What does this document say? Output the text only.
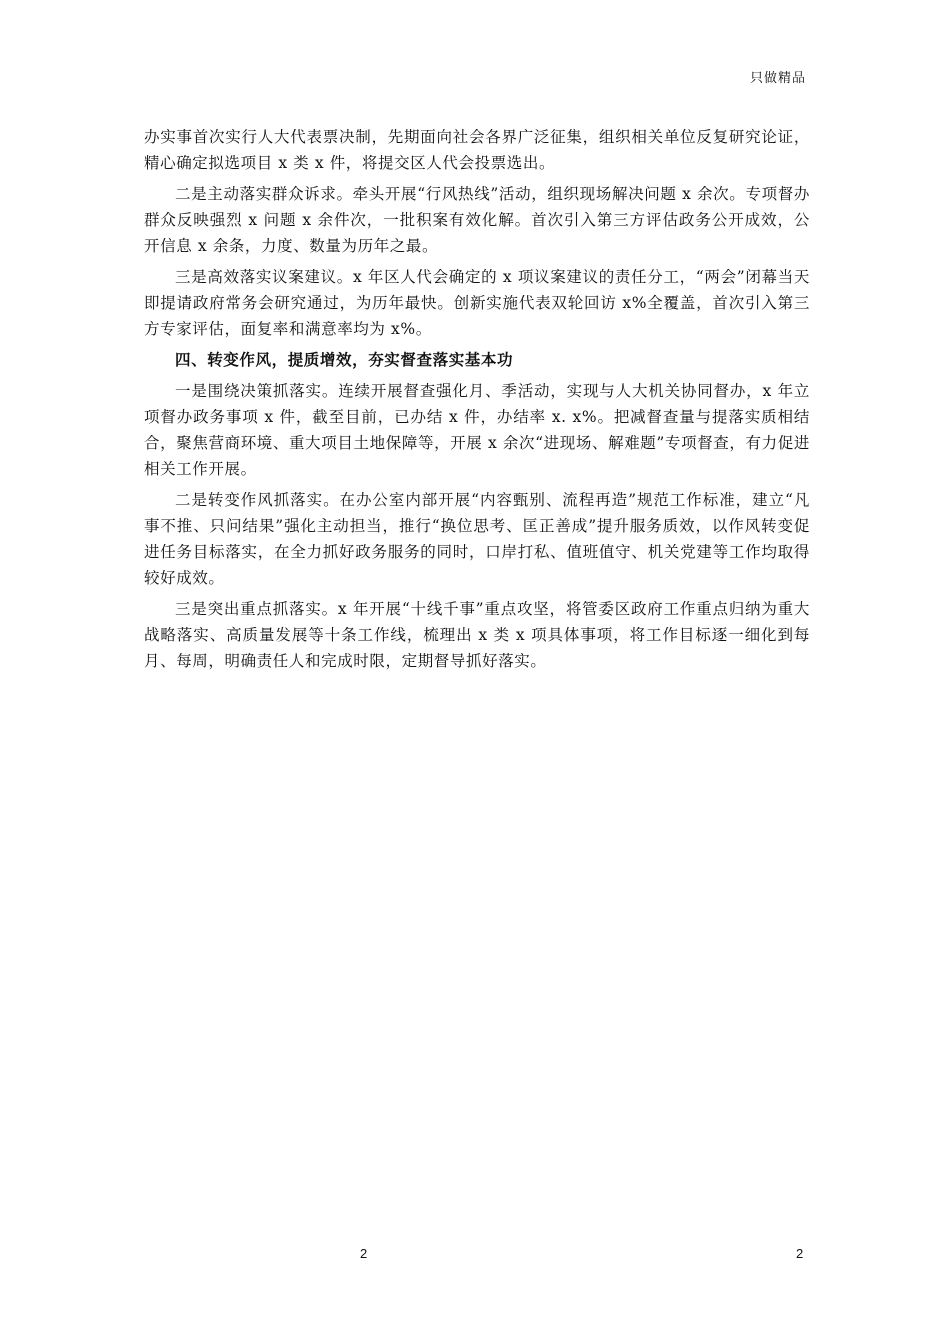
只做精品

办实事首次实行人大代表票决制，先期面向社会各界广泛征集，组织相关单位反复研究论证，精心确定拟选项目 x 类 x 件，将提交区人代会投票选出。

二是主动落实群众诉求。牵头开展“行风热线”活动，组织现场解决问题 x 余次。专项督办群众反映强烈 x 问题 x 余件次，一批积案有效化解。首次引入第三方评估政务公开成效，公开信息 x 余条，力度、数量为历年之最。

三是高效落实议案建议。x 年区人代会确定的 x 项议案建议的责任分工，“两会”闭幕当天即提请政府常务会研究通过，为历年最快。创新实施代表双轮回访 x%全覆盖，首次引入第三方专家评估，面复率和满意率均为 x%。

四、转变作风，提质增效，夯实督查落实基本功

一是围绕决策抓落实。连续开展督查强化月、季活动，实现与人大机关协同督办，x 年立项督办政务事项 x 件，截至目前，已办结 x 件，办结率 x. x%。把减督查量与提落实质相结合，聚焦营商环境、重大项目土地保障等，开展 x 余次“进现场、解难题”专项督查，有力促进相关工作开展。

二是转变作风抓落实。在办公室内部开展“内容甄别、流程再造”规范工作标准，建立“凡事不推、只问结果”强化主动担当，推行“换位思考、匡正善成”提升服务质效，以作风转变促进任务目标落实，在全力抓好政务服务的同时，口岸打私、值班值守、机关党建等工作均取得较好成效。

三是突出重点抓落实。x 年开展“十线千事”重点攻坚，将管委区政府工作重点归纳为重大战略落实、高质量发展等十条工作线，梳理出 x 类 x 项具体事项，将工作目标逐一细化到每月、每周，明确责任人和完成时限，定期督导抓好落实。

2	2
